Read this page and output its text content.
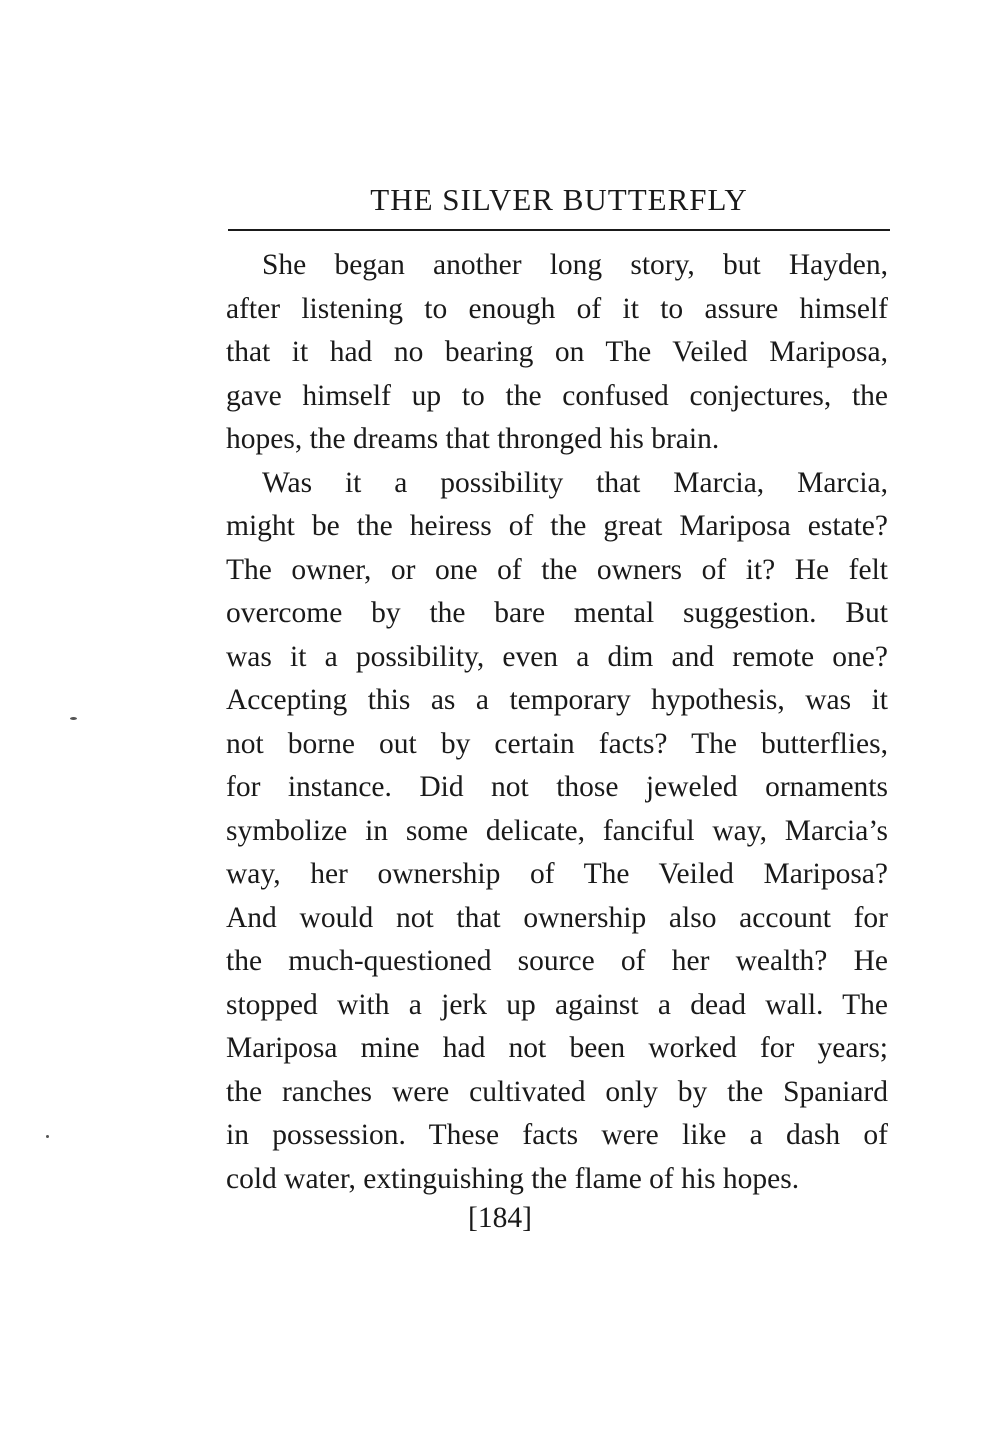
THE SILVER BUTTERFLY

She began another long story, but Hayden,
after listening to enough of it to assure himself
that it had no bearing on The Veiled Mariposa,
gave himself up to the confused conjectures, the
hopes, the dreams that thronged his brain.

Was it a possibility that Marcia, Marcia,
might be the heiress of the great Mariposa estate?
The owner, or one of the owners of it? He felt
overcome by the bare mental suggestion. But
was it a possibility, even a dim and remote one?
Accepting this as a temporary hypothesis, was it
not borne out by certain facts? The butterflies,
for instance. Did not those jeweled ornaments
symbolize in some delicate, fanciful way, Marcia’s
way, her ownership of The Veiled Mariposa?
And would not that ownership also account for
the much-questioned source of her wealth? He
stopped with a jerk up against a dead wall. The
Mariposa mine had not been worked for years;
the ranches were cultivated only by the Spaniard
in possession. These facts were like a dash of
cold water, extinguishing the flame of his hopes.

[184]
